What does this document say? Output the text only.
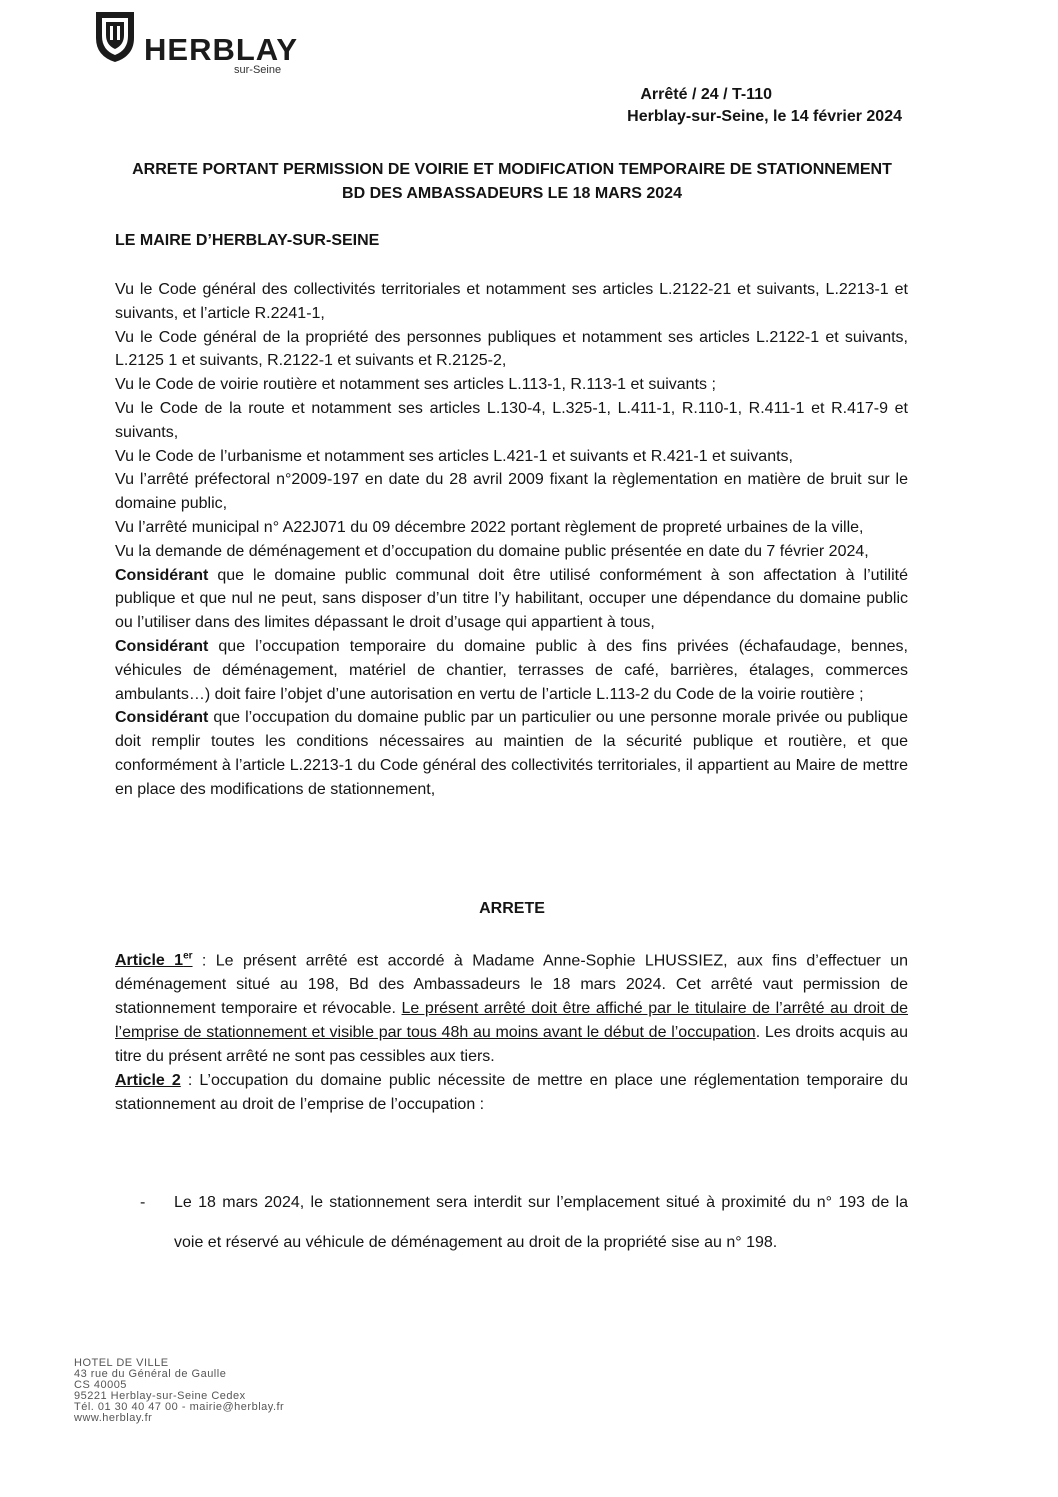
HERBLAY
sur-Seine
Arrêté / 24 / T-110
Herblay-sur-Seine, le 14 février 2024
ARRETE PORTANT PERMISSION DE VOIRIE ET MODIFICATION TEMPORAIRE DE STATIONNEMENT
BD DES AMBASSADEURS LE 18 MARS 2024
LE MAIRE D’HERBLAY-SUR-SEINE

Vu le Code général des collectivités territoriales et notamment ses articles L.2122-21 et suivants, L.2213-1 et suivants, et l’article R.2241-1,

Vu le Code général de la propriété des personnes publiques et notamment ses articles L.2122-1 et suivants, L.2125 1 et suivants, R.2122-1 et suivants et R.2125-2,

Vu le Code de voirie routière et notamment ses articles L.113-1, R.113-1 et suivants ;

Vu le Code de la route et notamment ses articles L.130-4, L.325-1, L.411-1, R.110-1, R.411-1 et R.417-9 et suivants,

Vu le Code de l’urbanisme et notamment ses articles L.421-1 et suivants et R.421-1 et suivants,

Vu l’arrêté préfectoral n°2009-197 en date du 28 avril 2009 fixant la règlementation en matière de bruit sur le domaine public,

Vu l’arrêté municipal n° A22J071 du 09 décembre 2022 portant règlement de propreté urbaines de la ville,

Vu la demande de déménagement et d’occupation du domaine public présentée en date du 7 février 2024,

Considérant que le domaine public communal doit être utilisé conformément à son affectation à l’utilité publique et que nul ne peut, sans disposer d’un titre l’y habilitant, occuper une dépendance du domaine public ou l’utiliser dans des limites dépassant le droit d’usage qui appartient à tous,

Considérant que l’occupation temporaire du domaine public à des fins privées (échafaudage, bennes, véhicules de déménagement, matériel de chantier, terrasses de café, barrières, étalages, commerces ambulants…) doit faire l’objet d’une autorisation en vertu de l’article L.113-2 du Code de la voirie routière ;

Considérant que l’occupation du domaine public par un particulier ou une personne morale privée ou publique doit remplir toutes les conditions nécessaires au maintien de la sécurité publique et routière, et que conformément à l’article L.2213-1 du Code général des collectivités territoriales, il appartient au Maire de mettre en place des modifications de stationnement,

ARRETE

Article 1er : Le présent arrêté est accordé à Madame Anne-Sophie LHUSSIEZ, aux fins d’effectuer un déménagement situé au 198, Bd des Ambassadeurs le 18 mars 2024. Cet arrêté vaut permission de stationnement temporaire et révocable. Le présent arrêté doit être affiché par le titulaire de l’arrêté au droit de l’emprise de stationnement et visible par tous 48h au moins avant le début de l’occupation. Les droits acquis au titre du présent arrêté ne sont pas cessibles aux tiers.

Article 2 : L’occupation du domaine public nécessite de mettre en place une réglementation temporaire du stationnement au droit de l’emprise de l’occupation :

- Le 18 mars 2024, le stationnement sera interdit sur l’emplacement situé à proximité du n° 193 de la voie et réservé au véhicule de déménagement au droit de la propriété sise au n° 198.
HOTEL DE VILLE
43 rue du Général de Gaulle
CS 40005
95221 Herblay-sur-Seine Cedex
Tél. 01 30 40 47 00 - mairie@herblay.fr
www.herblay.fr
